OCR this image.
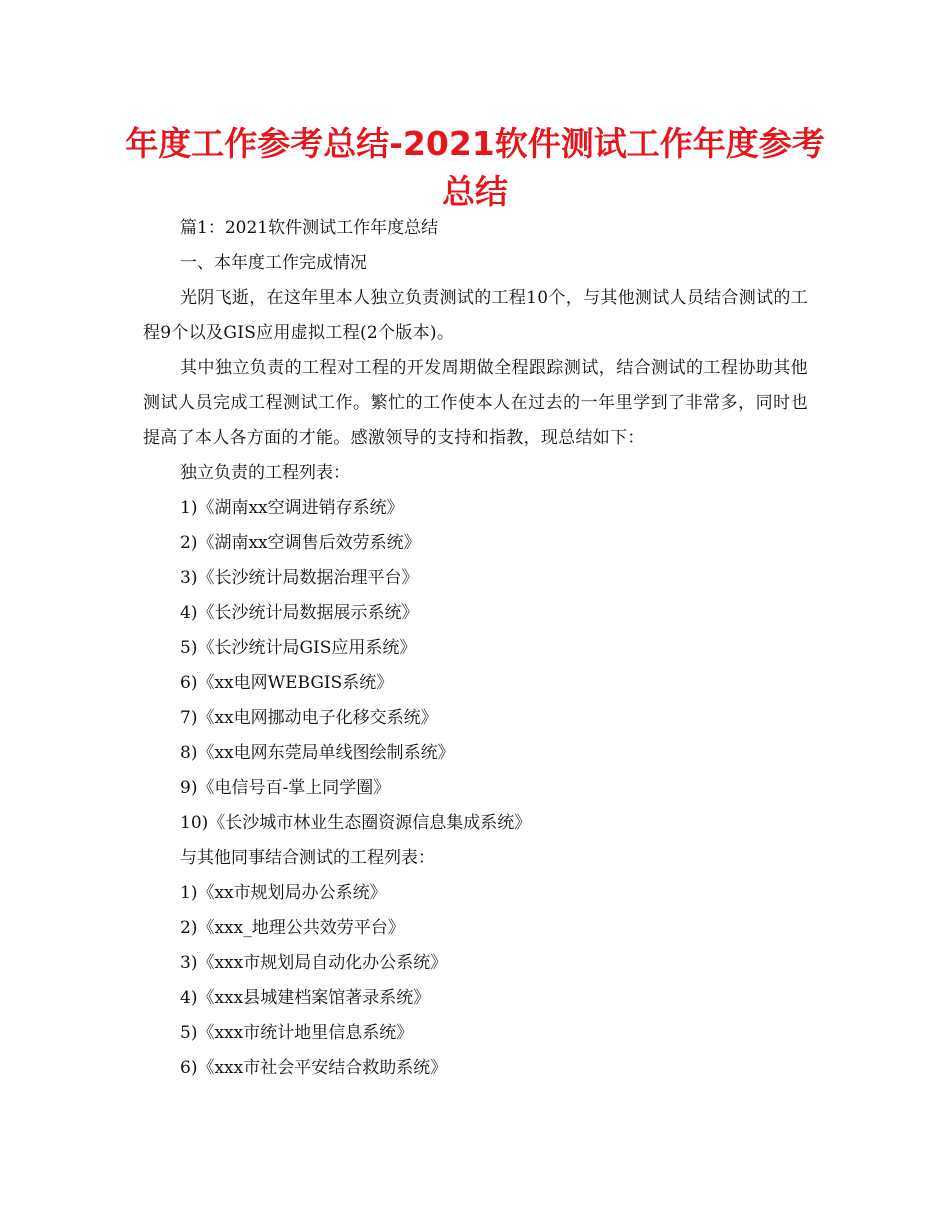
年度工作参考总结-2021软件测试工作年度参考总结
篇1：2021软件测试工作年度总结
一、本年度工作完成情况

光阴飞逝，在这年里本人独立负责测试的工程10个，与其他测试人员结合测试的工程9个以及GIS应用虚拟工程(2个版本)。

其中独立负责的工程对工程的开发周期做全程跟踪测试，结合测试的工程协助其他测试人员完成工程测试工作。繁忙的工作使本人在过去的一年里学到了非常多，同时也提高了本人各方面的才能。感激领导的支持和指教，现总结如下：

独立负责的工程列表：
1)《湖南xx空调进销存系统》
2)《湖南xx空调售后效劳系统》
3)《长沙统计局数据治理平台》
4)《长沙统计局数据展示系统》
5)《长沙统计局GIS应用系统》
6)《xx电网WEBGIS系统》
7)《xx电网挪动电子化移交系统》
8)《xx电网东莞局单线图绘制系统》
9)《电信号百-掌上同学圈》
10)《长沙城市林业生态圈资源信息集成系统》
与其他同事结合测试的工程列表：
1)《xx市规划局办公系统》
2)《xxx_地理公共效劳平台》
3)《xxx市规划局自动化办公系统》
4)《xxx县城建档案馆著录系统》
5)《xxx市统计地里信息系统》
6)《xxx市社会平安结合救助系统》
